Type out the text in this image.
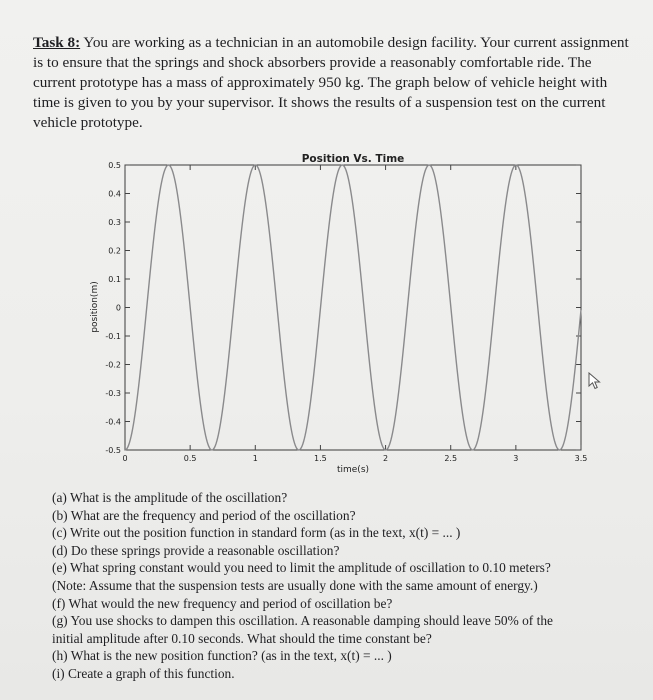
Task 8: You are working as a technician in an automobile design facility. Your current assignment is to ensure that the springs and shock absorbers provide a reasonably comfortable ride. The current prototype has a mass of approximately 950 kg. The graph below of vehicle height with time is given to you by your supervisor. It shows the results of a suspension test on the current vehicle prototype.
Position Vs. Time
0.5
0.4
0.3
0.2
0.1
0
-0.1
-0.2
-0.3
-0.4
-0.5
0	0.5	1	1.5	2	2.5	3	3.5
time(s)
position(m)
(a) What is the amplitude of the oscillation?
(b) What are the frequency and period of the oscillation?
(c) Write out the position function in standard form (as in the text, x(t) = ... )
(d) Do these springs provide a reasonable oscillation?
(e) What spring constant would you need to limit the amplitude of oscillation to 0.10 meters?
(Note: Assume that the suspension tests are usually done with the same amount of energy.)
(f) What would the new frequency and period of oscillation be?
(g) You use shocks to dampen this oscillation. A reasonable damping should leave 50% of the
initial amplitude after 0.10 seconds. What should the time constant be?
(h) What is the new position function? (as in the text, x(t) = ... )
(i) Create a graph of this function.
